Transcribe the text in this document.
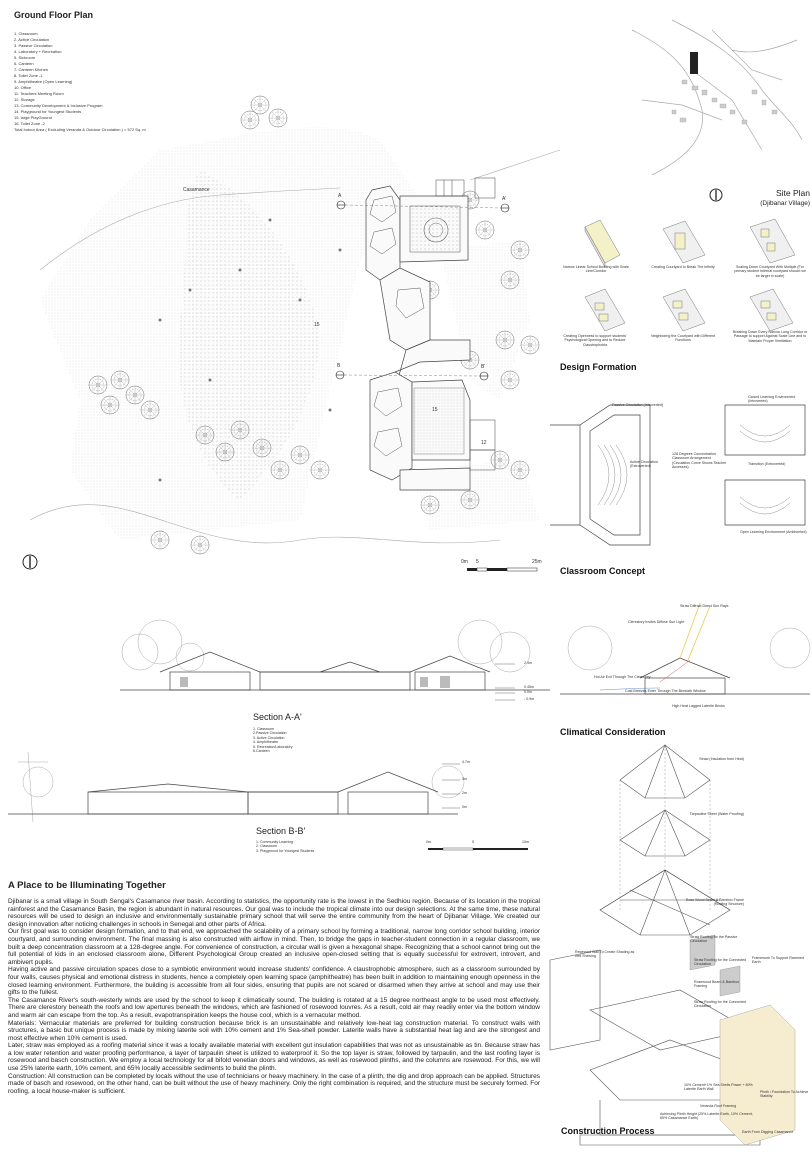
Ground Floor Plan
1. Classroom
2. Active Circulation
3. Passive Circulation
4. Laboratory + Recreation
5. Sickroom
6. Canteen
7. Canteen Kitchen
8. Toilet Zone -1
9. Amphitheatre (Open Learning)
10. Office
11. Teachers Meeting Room
12. Storage
13. Community Development & Inclusive Program
14. Playground for Youngest Students
15. large PlayGround
16. Toilet Zone -2
Total Indoor Area ( Excluding Veranda & Outdoor Circulation ) = 572 Sq. m
Casamance
15
15
12
A	A'
B	B'
0m 5	25m
Site Plan
(Djibanar Village)
Narrow Linear School Building with Scale Line/Corridor
Creating Courtyard to Break The Infinity	Scaling Down Courtyard With Multiple (For primary student Internal courtyard should not be larger in scale)
Creating Openness to support students' Psychological Opening and to Reduce Claustrophobia
Neighboring the Courtyard with Different Functions
Breaking Down Every Narrow Long Corridor or Passage to support Against Scale Line and to Maintain Proper Ventilation
Design Formation
Passive Circulation (Introverted)
Active Circulation (Extroverted)
128 Degrees Concentration Classroom Arrangement (Circulation Curve Shows Teacher Accesses)
Closed Learning Environment (Introverted)
Transition (Extroverted)
Open Learning Environment (Ambiverted)
Classroom Concept
2.4m
0.45m
0.0m
- 0.9m
Section A-A'
1. Classroom
2.Passive Circulation
3. Active Circulation
4. Amphitheatre
5. Recreation/Laboratory
6.Canteen
4.7m
3m
2m
0m
Section B-B'
1. Community Learning
2. Classroom
3. Playground for Youngest Students
0m	5	10m
Straw Diffract Direct Sun Rays
Clerestory Invites Diffuse Sun Light
Hot Air Exit Through The Clerestory
Cold Breezes Enter Through The Beneath Window
High Heat Lagged Laterite Bricks
Climatical Consideration
Straw (Insulation from Heat)
Tarpauline Sheet (Water Proofing)
Rose Wood Beam & Bamboo Frame (Roofing Structure)
Straw Roofing for the Passive Circulation
Recessed Wall To Create Shading as well Shelving
Straw Roofing for the Connected Circulation
Rosewood Beam & Bamboo Framing
Straw Roofing for the Connected Circulation
Framework To Support Rammed Earth
10% Cement+1% Sea Shells Power + 89% Laterite Earth Wall
Plinth / Foundation To Achieve Stability
Veranda Roof Framing
Achieving Plinth Height (25% Laterite Earth, 10% Cement, 65% Casamance Earth)
Earth From Digging Casamance
Construction Process
A Place to be Illuminating Together

Djibanar is a small village in South Sengal's Casamance river basin. According to statistics, the opportunity rate is the lowest in the Sedhiou region. Because of its location in the tropical rainforest and the Casamance Basin, the region is abundant in natural resources. Our goal was to include the tropical climate into our design selections. At the same time, these natural resources will be used to design an inclusive and environmentally sustainable primary school that will serve the entire community from the heart of Djibanar Village. We created our design innovation after noticing challenges in schools in Senegal and other parts of Africa.

Our first goal was to consider design formation, and to that end, we approached the scalability of a primary school by forming a traditional, narrow long corridor school building, interior courtyard, and surrounding environment. The final massing is also constructed with airflow in mind. Then, to bridge the gaps in teacher-student connection in a regular classroom, we built a deep concentration classroom at a 128-degree angle. For convenience of construction, a circular wall is given a hexagonal shape. Recognizing that a school cannot bring out the full potential of kids in an enclosed classroom alone, Different Psychological Group created an inclusive open-closed setting that is equally successful for extrovert, introvert, and ambivert pupils.

Having active and passive circulation spaces close to a symbiotic environment would increase students' confidence. A claustrophobic atmosphere, such as a classroom surrounded by four walls, causes physical and emotional distress in students, hence a completely open learning space (amphitheatre) has been built in addition to maintaining enough openness in the closed learning environment. Furthermore, the building is accessible from all four sides, ensuring that pupils are not scared or disarmed when they arrive at school and may use their gifts to the fullest.

The Casamance River's south-westerly winds are used by the school to keep it climatically sound. The building is rotated at a 15 degree northeast angle to be used most effectively. There are clerestory beneath the roofs and low apertures beneath the windows, which are fashioned of rosewood louvres. As a result, cold air may readily enter via the bottom window and warm air can escape from the top. As a result, evapotranspiration keeps the house cool, which is a vernacular method.

Materials: Vernacular materials are preferred for building construction because brick is an unsustainable and relatively low-heat lag construction material. To construct walls with structures, a basic but unique process is made by mixing laterite soil with 10% cement and 1% Sea-shell powder. Laterite walls have a substantial heat lag and are the strongest and most effective when 10% cement is used.

Later, straw was employed as a roofing material since it was a locally available material with excellent gut insulation capabilities that was not as unsustainable as tin. Because straw has a low water retention and water proofing performance, a layer of tarpaulin sheet is utilized to waterproof it. So the top layer is straw, followed by tarpaulin, and the last roofing layer is rosewood and basch construction. We employ a local technology for all bifold venetian doors and windows, as well as rosewood plinths, and the columns are rosewood. For this, we will use 25% laterite earth, 10% cement, and 65% locally accessible sediments to build the plinth.

Construction: All construction can be completed by locals without the use of technicians or heavy machinery. In the case of a plinth, the dig and drop approach can be applied. Structures made of basch and rosewood, on the other hand, can be built without the use of heavy machinery. Only the right combination is required, and the structure must be securely formed. For roofing, a local house-maker is sufficient.
